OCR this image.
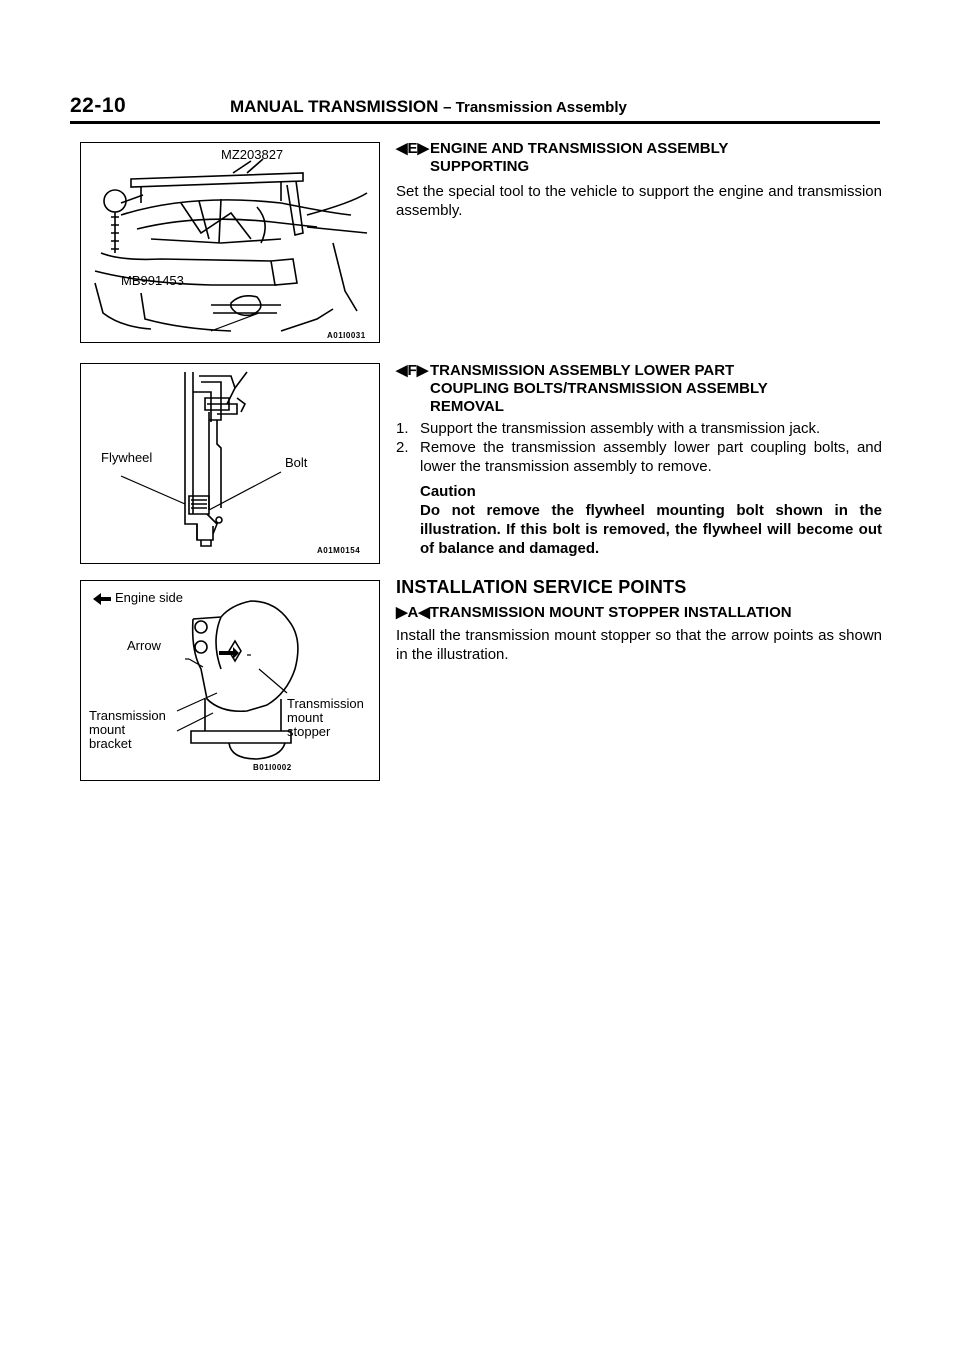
22-10	MANUAL TRANSMISSION – Transmission Assembly
MZ203827
MB991453
A01I0031
Flywheel	Bolt
A01M0154
Engine side
Arrow
Transmission
mount
bracket
Transmission
mount
stopper
B01I0002
◀E▶ ENGINE AND TRANSMISSION ASSEMBLY
SUPPORTING

Set the special tool to the vehicle to support the engine and transmission assembly.

◀F▶ TRANSMISSION ASSEMBLY LOWER PART
COUPLING BOLTS/TRANSMISSION ASSEMBLY
REMOVAL
1. Support the transmission assembly with a transmission jack.
2. Remove the transmission assembly lower part coupling bolts, and lower the transmission assembly to remove.
Caution
Do not remove the flywheel mounting bolt shown in the illustration. If this bolt is removed, the flywheel will become out of balance and damaged.
INSTALLATION SERVICE POINTS
▶A◀TRANSMISSION MOUNT STOPPER INSTALLATION

Install the transmission mount stopper so that the arrow points as shown in the illustration.
